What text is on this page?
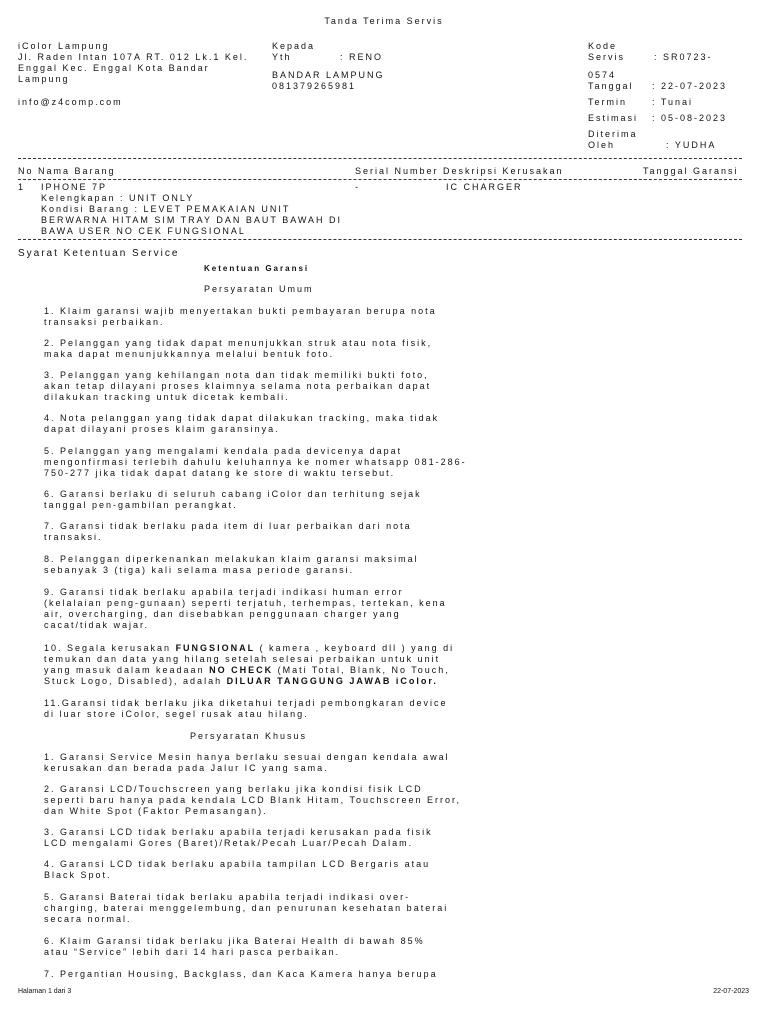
Tanda Terima Servis
iColor Lampung
Jl. Raden Intan 107A RT. 012 Lk.1 Kel.
Enggal Kec. Enggal Kota Bandar
Lampung
info@z4comp.com
Kepada
Yth	: RENO
BANDAR LAMPUNG
081379265981
Kode
Servis	: SR0723-
0574
Tanggal : 22-07-2023
Termin	: Tunai
Estimasi : 05-08-2023
Diterima
Oleh	: YUDHA
No Nama Barang	Serial Number Deskripsi Kerusakan	Tanggal Garansi
1 IPHONE 7P	-	IC CHARGER
Kelengkapan : UNIT ONLY
Kondisi Barang : LEVET PEMAKAIAN UNIT
BERWARNA HITAM SIM TRAY DAN BAUT BAWAH DI
BAWA USER NO CEK FUNGSIONAL
Syarat Ketentuan Service
Ketentuan Garansi
Persyaratan Umum
1. Klaim garansi wajib menyertakan bukti pembayaran berupa nota
transaksi perbaikan.
2. Pelanggan yang tidak dapat menunjukkan struk atau nota fisik,
maka dapat menunjukkannya melalui bentuk foto.
3. Pelanggan yang kehilangan nota dan tidak memiliki bukti foto,
akan tetap dilayani proses klaimnya selama nota perbaikan dapat
dilakukan tracking untuk dicetak kembali.
4. Nota pelanggan yang tidak dapat dilakukan tracking, maka tidak
dapat dilayani proses klaim garansinya.
5. Pelanggan yang mengalami kendala pada devicenya dapat
mengonfirmasi terlebih dahulu keluhannya ke nomer whatsapp 081-286-
750-277 jika tidak dapat datang ke store di waktu tersebut.
6. Garansi berlaku di seluruh cabang iColor dan terhitung sejak
tanggal pen-gambilan perangkat.
7. Garansi tidak berlaku pada item di luar perbaikan dari nota
transaksi.
8. Pelanggan diperkenankan melakukan klaim garansi maksimal
sebanyak 3 (tiga) kali selama masa periode garansi.
9. Garansi tidak berlaku apabila terjadi indikasi human error
(kelalaian peng-gunaan) seperti terjatuh, terhempas, tertekan, kena
air, overcharging, dan disebabkan penggunaan charger yang
cacat/tidak wajar.
10. Segala kerusakan FUNGSIONAL ( kamera , keyboard dll ) yang di
temukan dan data yang hilang setelah selesai perbaikan untuk unit
yang masuk dalam keadaan NO CHECK (Mati Total, Blank, No Touch,
Stuck Logo, Disabled), adalah DILUAR TANGGUNG JAWAB iColor.
11.Garansi tidak berlaku jika diketahui terjadi pembongkaran device
di luar store iColor, segel rusak atau hilang.
Persyaratan Khusus
1. Garansi Service Mesin hanya berlaku sesuai dengan kendala awal
kerusakan dan berada pada Jalur IC yang sama.
2. Garansi LCD/Touchscreen yang berlaku jika kondisi fisik LCD
seperti baru hanya pada kendala LCD Blank Hitam, Touchscreen Error,
dan White Spot (Faktor Pemasangan).
3. Garansi LCD tidak berlaku apabila terjadi kerusakan pada fisik
LCD mengalami Gores (Baret)/Retak/Pecah Luar/Pecah Dalam.
4. Garansi LCD tidak berlaku apabila tampilan LCD Bergaris atau
Black Spot.
5. Garansi Baterai tidak berlaku apabila terjadi indikasi over-
charging, baterai menggelembung, dan penurunan kesehatan baterai
secara normal.
6. Klaim Garansi tidak berlaku jika Baterai Health di bawah 85%
atau “Service” lebih dari 14 hari pasca perbaikan.
7. Pergantian Housing, Backglass, dan Kaca Kamera hanya berupa
Halaman 1 dari 3	22-07-2023
